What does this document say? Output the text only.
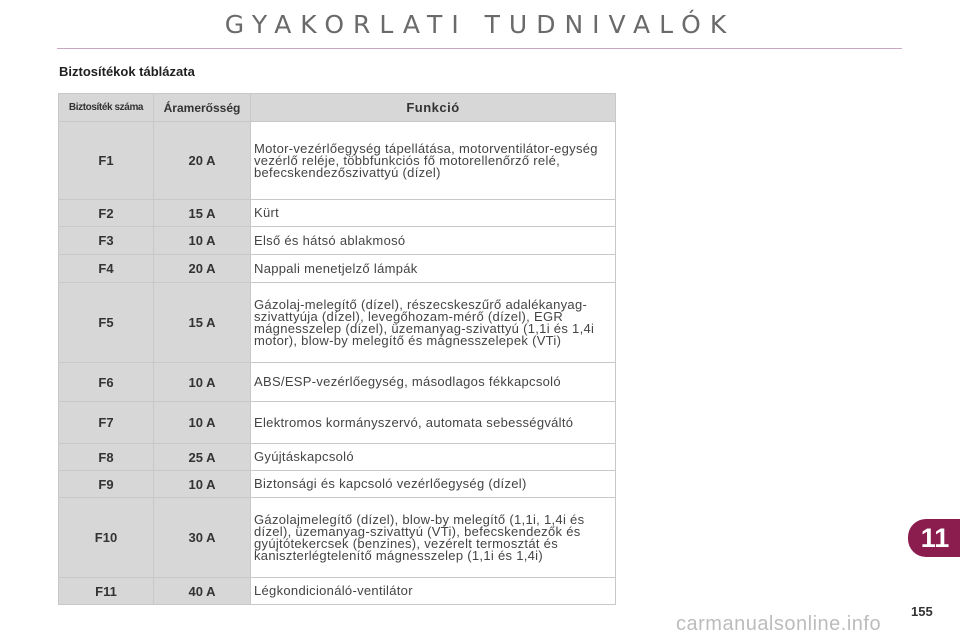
GYAKORLATI TUDNIVALÓK
Biztosítékok táblázata
Biztosíték száma	Áramerősség	Funkció
F1	20 A	Motor-vezérlőegység tápellátása, motorventilátor-egység vezérlő reléje, többfunkciós fő motorellenőrző relé, befecskendezőszivattyú (dízel)
F2	15 A	Kürt
F3	10 A	Első és hátsó ablakmosó
F4	20 A	Nappali menetjelző lámpák
F5	15 A	Gázolaj-melegítő (dízel), részecskeszűrő adalékanyag-szivattyúja (dízel), levegőhozam-mérő (dízel), EGR mágnesszelep (dízel), üzemanyag-szivattyú (1,1i és 1,4i motor), blow-by melegítő és mágnesszelepek (VTi)
F6	10 A	ABS/ESP-vezérlőegység, másodlagos fékkapcsoló
F7	10 A	Elektromos kormányszervó, automata sebességváltó
F8	25 A	Gyújtáskapcsoló
F9	10 A	Biztonsági és kapcsoló vezérlőegység (dízel)
F10	30 A	Gázolajmelegítő (dízel), blow-by melegítő (1,1i, 1,4i és dízel), üzemanyag-szivattyú (VTi), befecskendezők és gyújtótekercsek (benzines), vezérelt termosztát és kaniszterlégtelenítő mágnesszelep (1,1i és 1,4i)
F11	40 A	Légkondicionáló-ventilátor
11
155
carmanualsonline.info
